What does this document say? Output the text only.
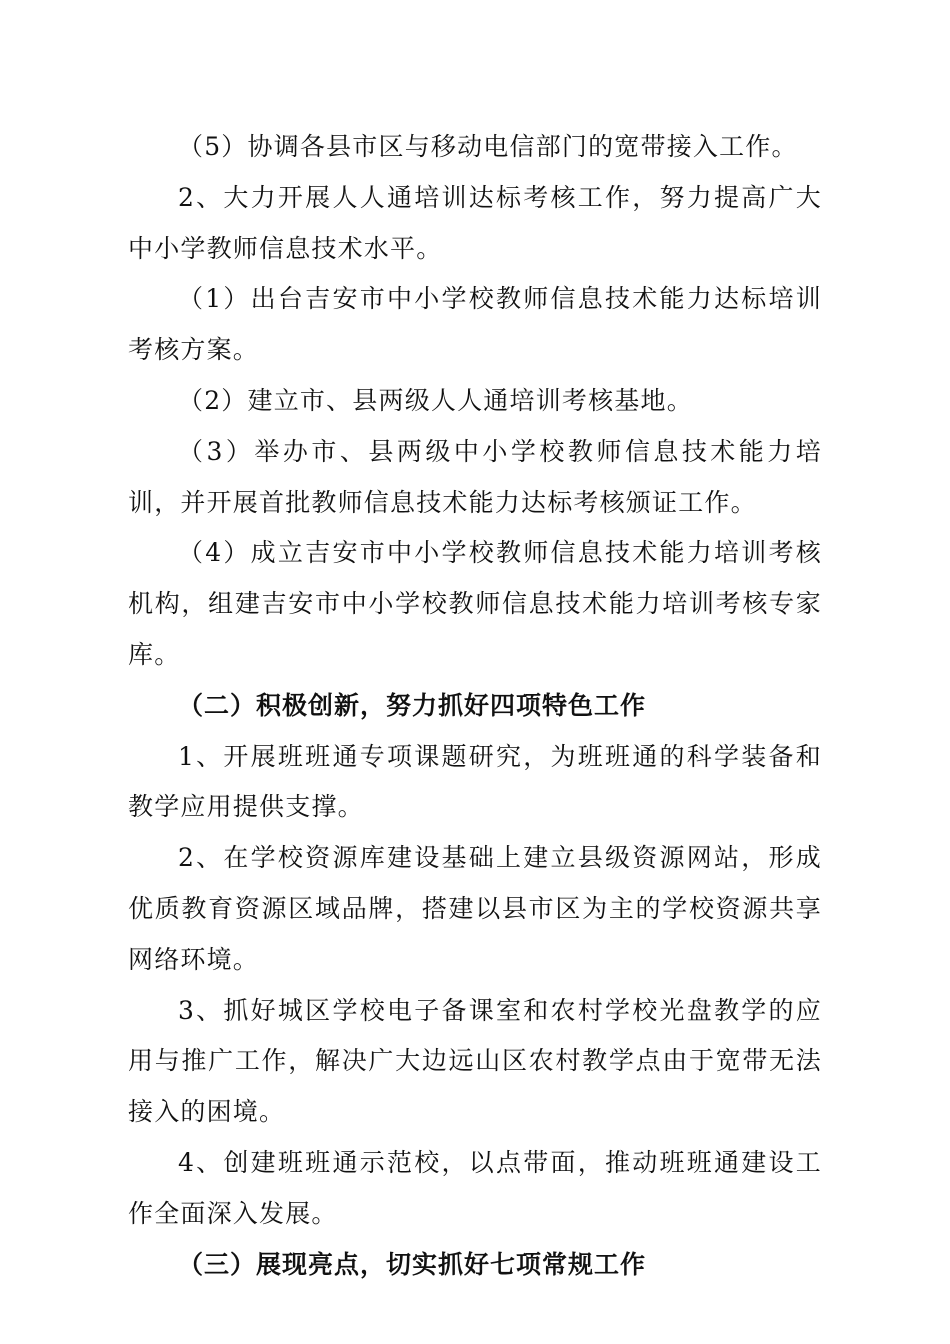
（5）协调各县市区与移动电信部门的宽带接入工作。

2、大力开展人人通培训达标考核工作，努力提高广大中小学教师信息技术水平。

（1）出台吉安市中小学校教师信息技术能力达标培训考核方案。

（2）建立市、县两级人人通培训考核基地。

（3）举办市、县两级中小学校教师信息技术能力培训，并开展首批教师信息技术能力达标考核颁证工作。

（4）成立吉安市中小学校教师信息技术能力培训考核机构，组建吉安市中小学校教师信息技术能力培训考核专家库。

（二）积极创新，努力抓好四项特色工作

1、开展班班通专项课题研究，为班班通的科学装备和教学应用提供支撑。

2、在学校资源库建设基础上建立县级资源网站，形成优质教育资源区域品牌，搭建以县市区为主的学校资源共享网络环境。

3、抓好城区学校电子备课室和农村学校光盘教学的应用与推广工作，解决广大边远山区农村教学点由于宽带无法接入的困境。

4、创建班班通示范校，以点带面，推动班班通建设工作全面深入发展。

（三）展现亮点，切实抓好七项常规工作
